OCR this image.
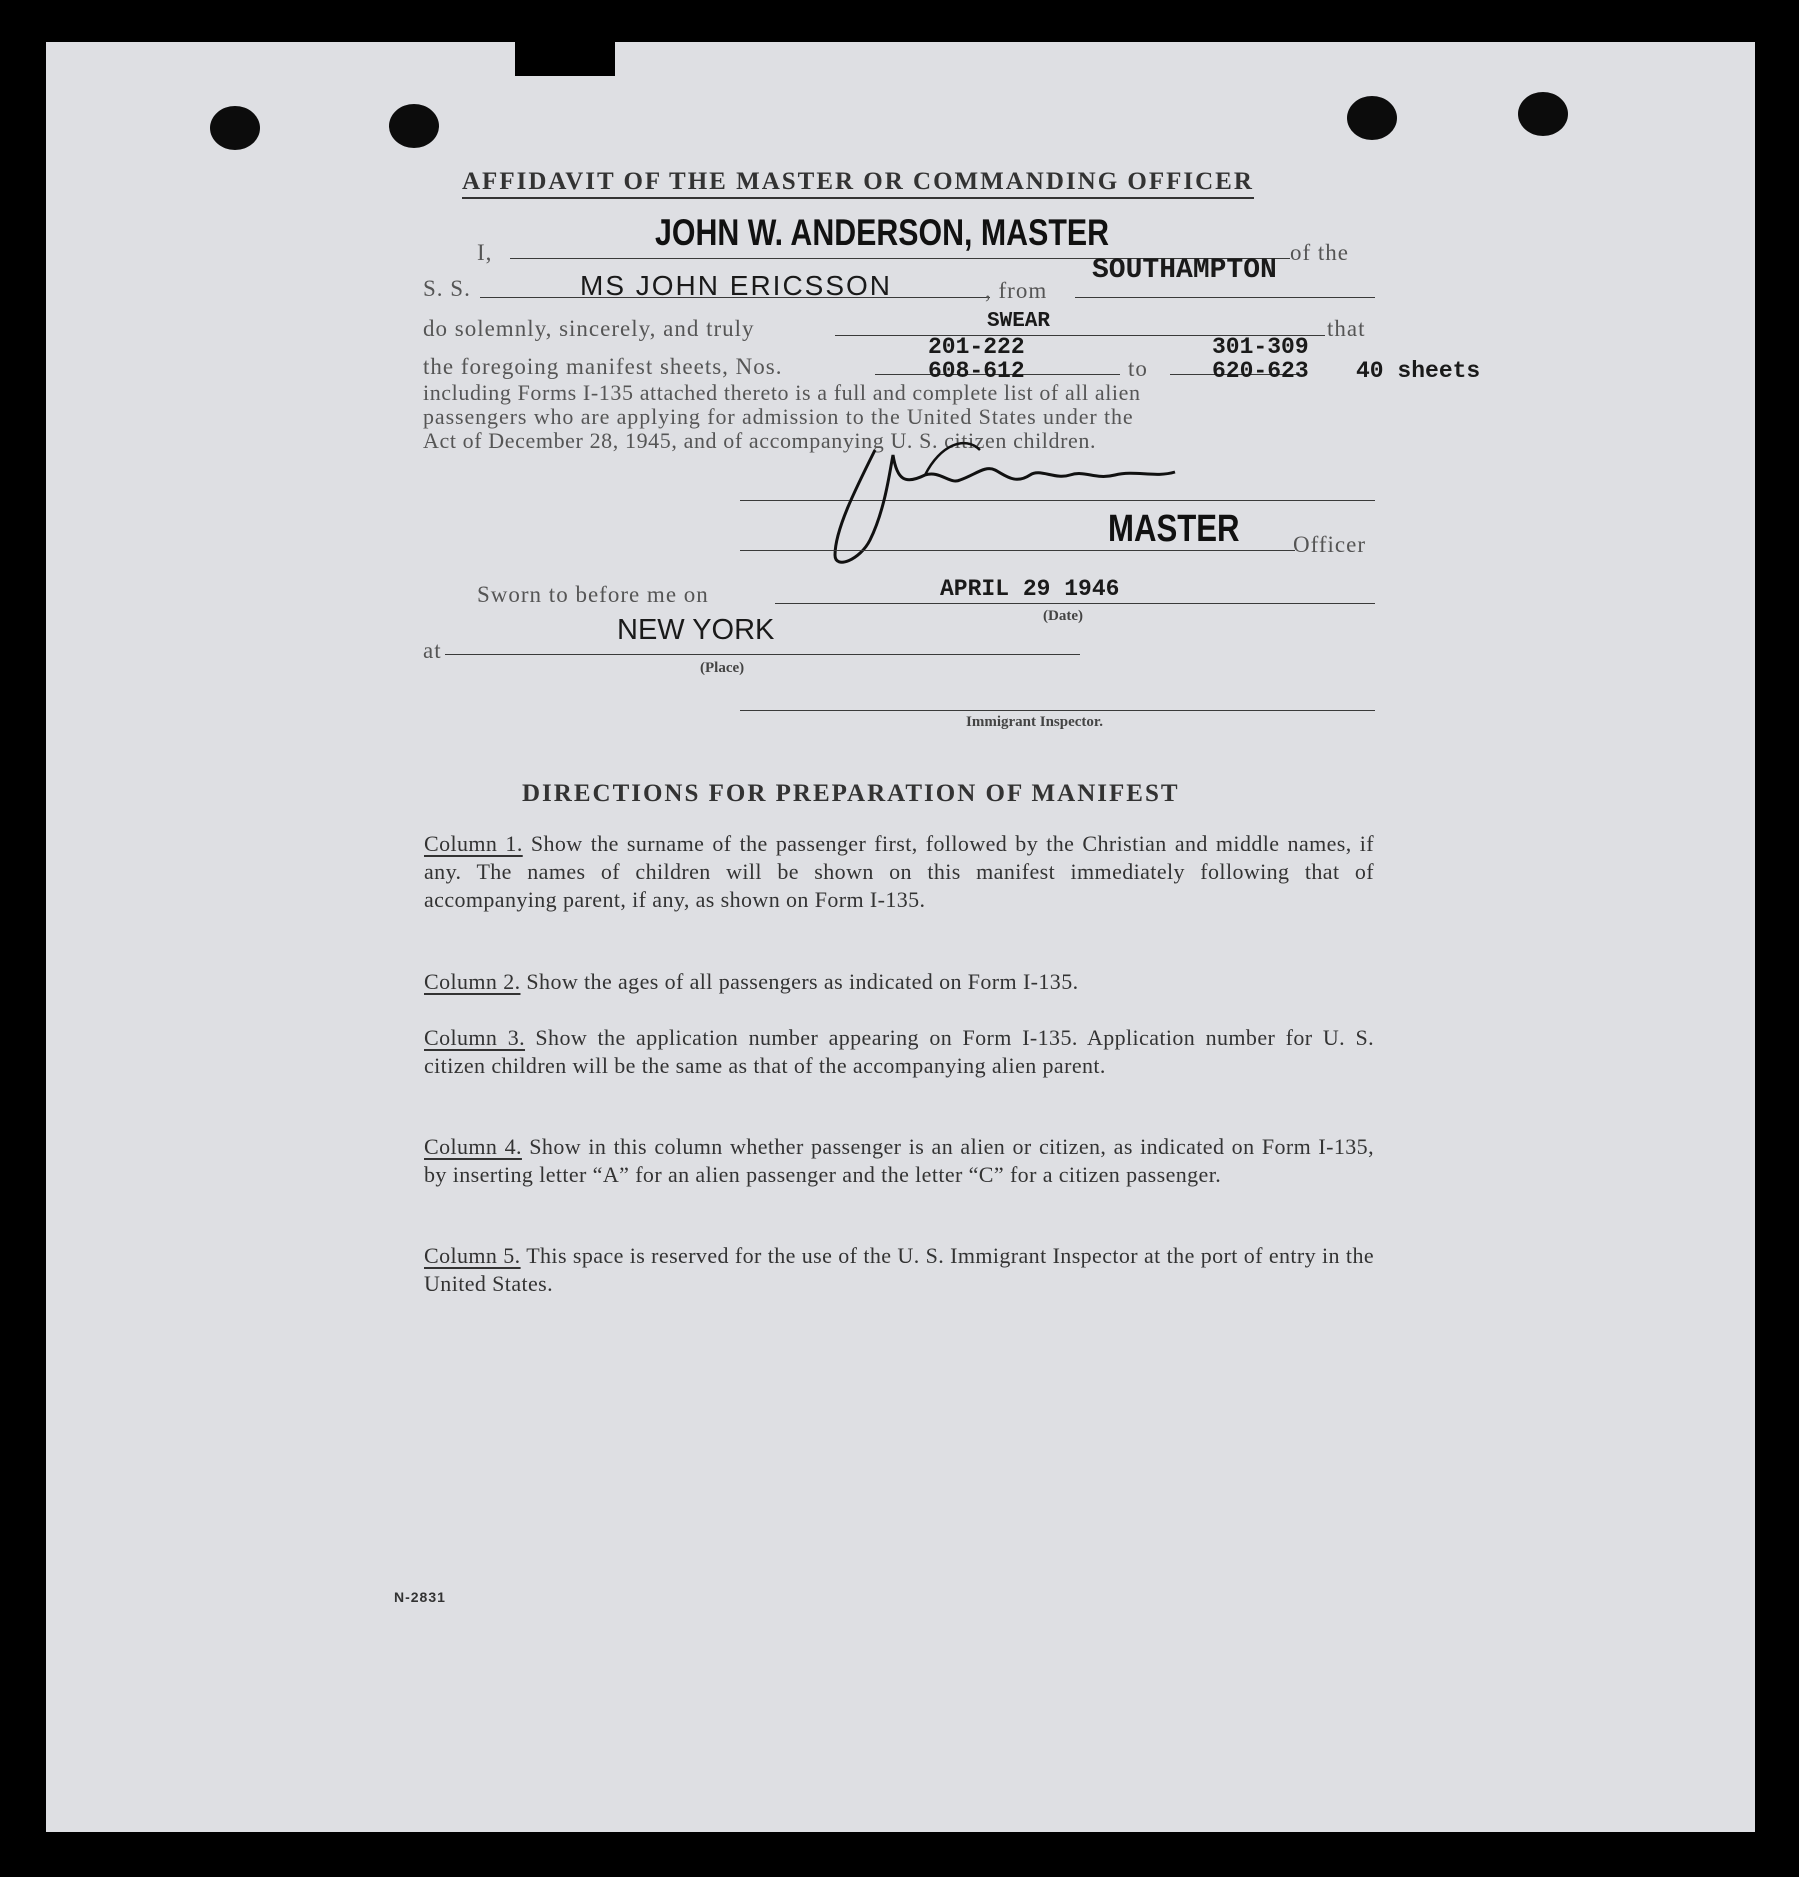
AFFIDAVIT OF THE MASTER OR COMMANDING OFFICER
I,	JOHN W. ANDERSON, MASTER	of the
S. S.	MS JOHN ERICSSON	, from
SOUTHAMPTON
do solemnly, sincerely, and truly	SWEAR	that
the foregoing manifest sheets, Nos.
201-222
608-612	to
301-309
620-623 40 sheets
including Forms I-135 attached thereto is a full and complete list of all alien
passengers who are applying for admission to the United States under the
Act of December 28, 1945, and of accompanying U. S. citizen children.
MASTER Officer
Sworn to before me on	APRIL 29 1946
(Date)
at
NEW YORK
(Place)
Immigrant Inspector.
DIRECTIONS FOR PREPARATION OF MANIFEST
Column 1. Show the surname of the passenger first, followed by the Christian and middle names, if any. The names of children will be shown on this manifest immediately following that of accompanying parent, if any, as shown on Form I-135.
Column 2. Show the ages of all passengers as indicated on Form I-135.
Column 3. Show the application number appearing on Form I-135. Application number for U. S. citizen children will be the same as that of the accompanying alien parent.
Column 4. Show in this column whether passenger is an alien or citizen, as indicated on Form I-135, by inserting letter “A” for an alien passenger and the letter “C” for a citizen passenger.
Column 5. This space is reserved for the use of the U. S. Immigrant Inspector at the port of entry in the United States.
N-2831
